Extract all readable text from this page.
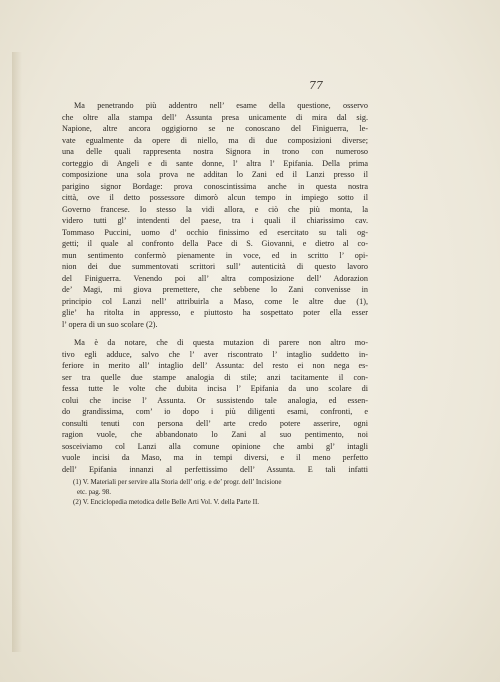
77
Ma penetrando più addentro nell’ esame della questione, osservo
che oltre alla stampa dell’ Assunta presa unicamente di mira dal sig.
Napione, altre ancora oggigiorno se ne conoscano del Finiguerra, le-
vate egualmente da opere di niello, ma di due composizioni diverse;
una delle quali rappresenta nostra Signora in trono con numeroso
corteggio di Angeli e di sante donne, l’ altra l’ Epifania. Della prima
composizione una sola prova ne additan lo Zani ed il Lanzi presso il
parigino signor Bordage: prova conoscintissima anche in questa nostra
città, ove il detto possessore dimorò alcun tempo in impiego sotto il
Governo francese. Io stesso la vidi allora, e ciò che più monta, la
videro tutti gl’ intendenti del paese, tra i quali il chiarissimo cav.
Tommaso Puccini, uomo d’ occhio finissimo ed esercitato su tali og-
getti; il quale al confronto della Pace di S. Giovanni, e dietro al co-
mun sentimento confermò pienamente in voce, ed in scritto l’ opi-
nion dei due summentovati scrittori sull’ autenticità di questo lavoro
del Finiguerra. Venendo poi all’ altra composizione dell’ Adorazion
de’ Magi, mi giova premettere, che sebbene lo Zani convenisse in
principio col Lanzi nell’ attribuirla a Maso, come le altre due (1),
glie’ ha ritolta in appresso, e piuttosto ha sospettato poter ella esser
l’ opera di un suo scolare (2).
Ma è da notare, che di questa mutazion di parere non altro mo-
tivo egli adduce, salvo che l’ aver riscontrato l’ intaglio suddetto in-
feriore in merito all’ intaglio dell’ Assunta: del resto ei non nega es-
ser tra quelle due stampe analogia di stile; anzi tacitamente il con-
fessa tutte le volte che dubita incisa l’ Epifania da uno scolare di
colui che incise l’ Assunta. Or sussistendo tale analogia, ed essen-
do grandissima, com’ io dopo i più diligenti esami, confronti, e
consulti tenuti con persona dell’ arte credo potere asserire, ogni
ragion vuole, che abbandonato lo Zani al suo pentimento, noi
sosceiviamo col Lanzi alla comune opinione che ambi gl’ intagli
vuole incisi da Maso, ma in tempi diversi, e il meno perfetto
dell’ Epifania innanzi al perfettissimo dell’ Assunta. E tali infatti
(1) V. Materiali per servire alla Storia dell’ orig. e de’ progr. dell’ Incisione
etc. pag. 98.
(2) V. Enciclopedia metodica delle Belle Arti Vol. V. della Parte II.
